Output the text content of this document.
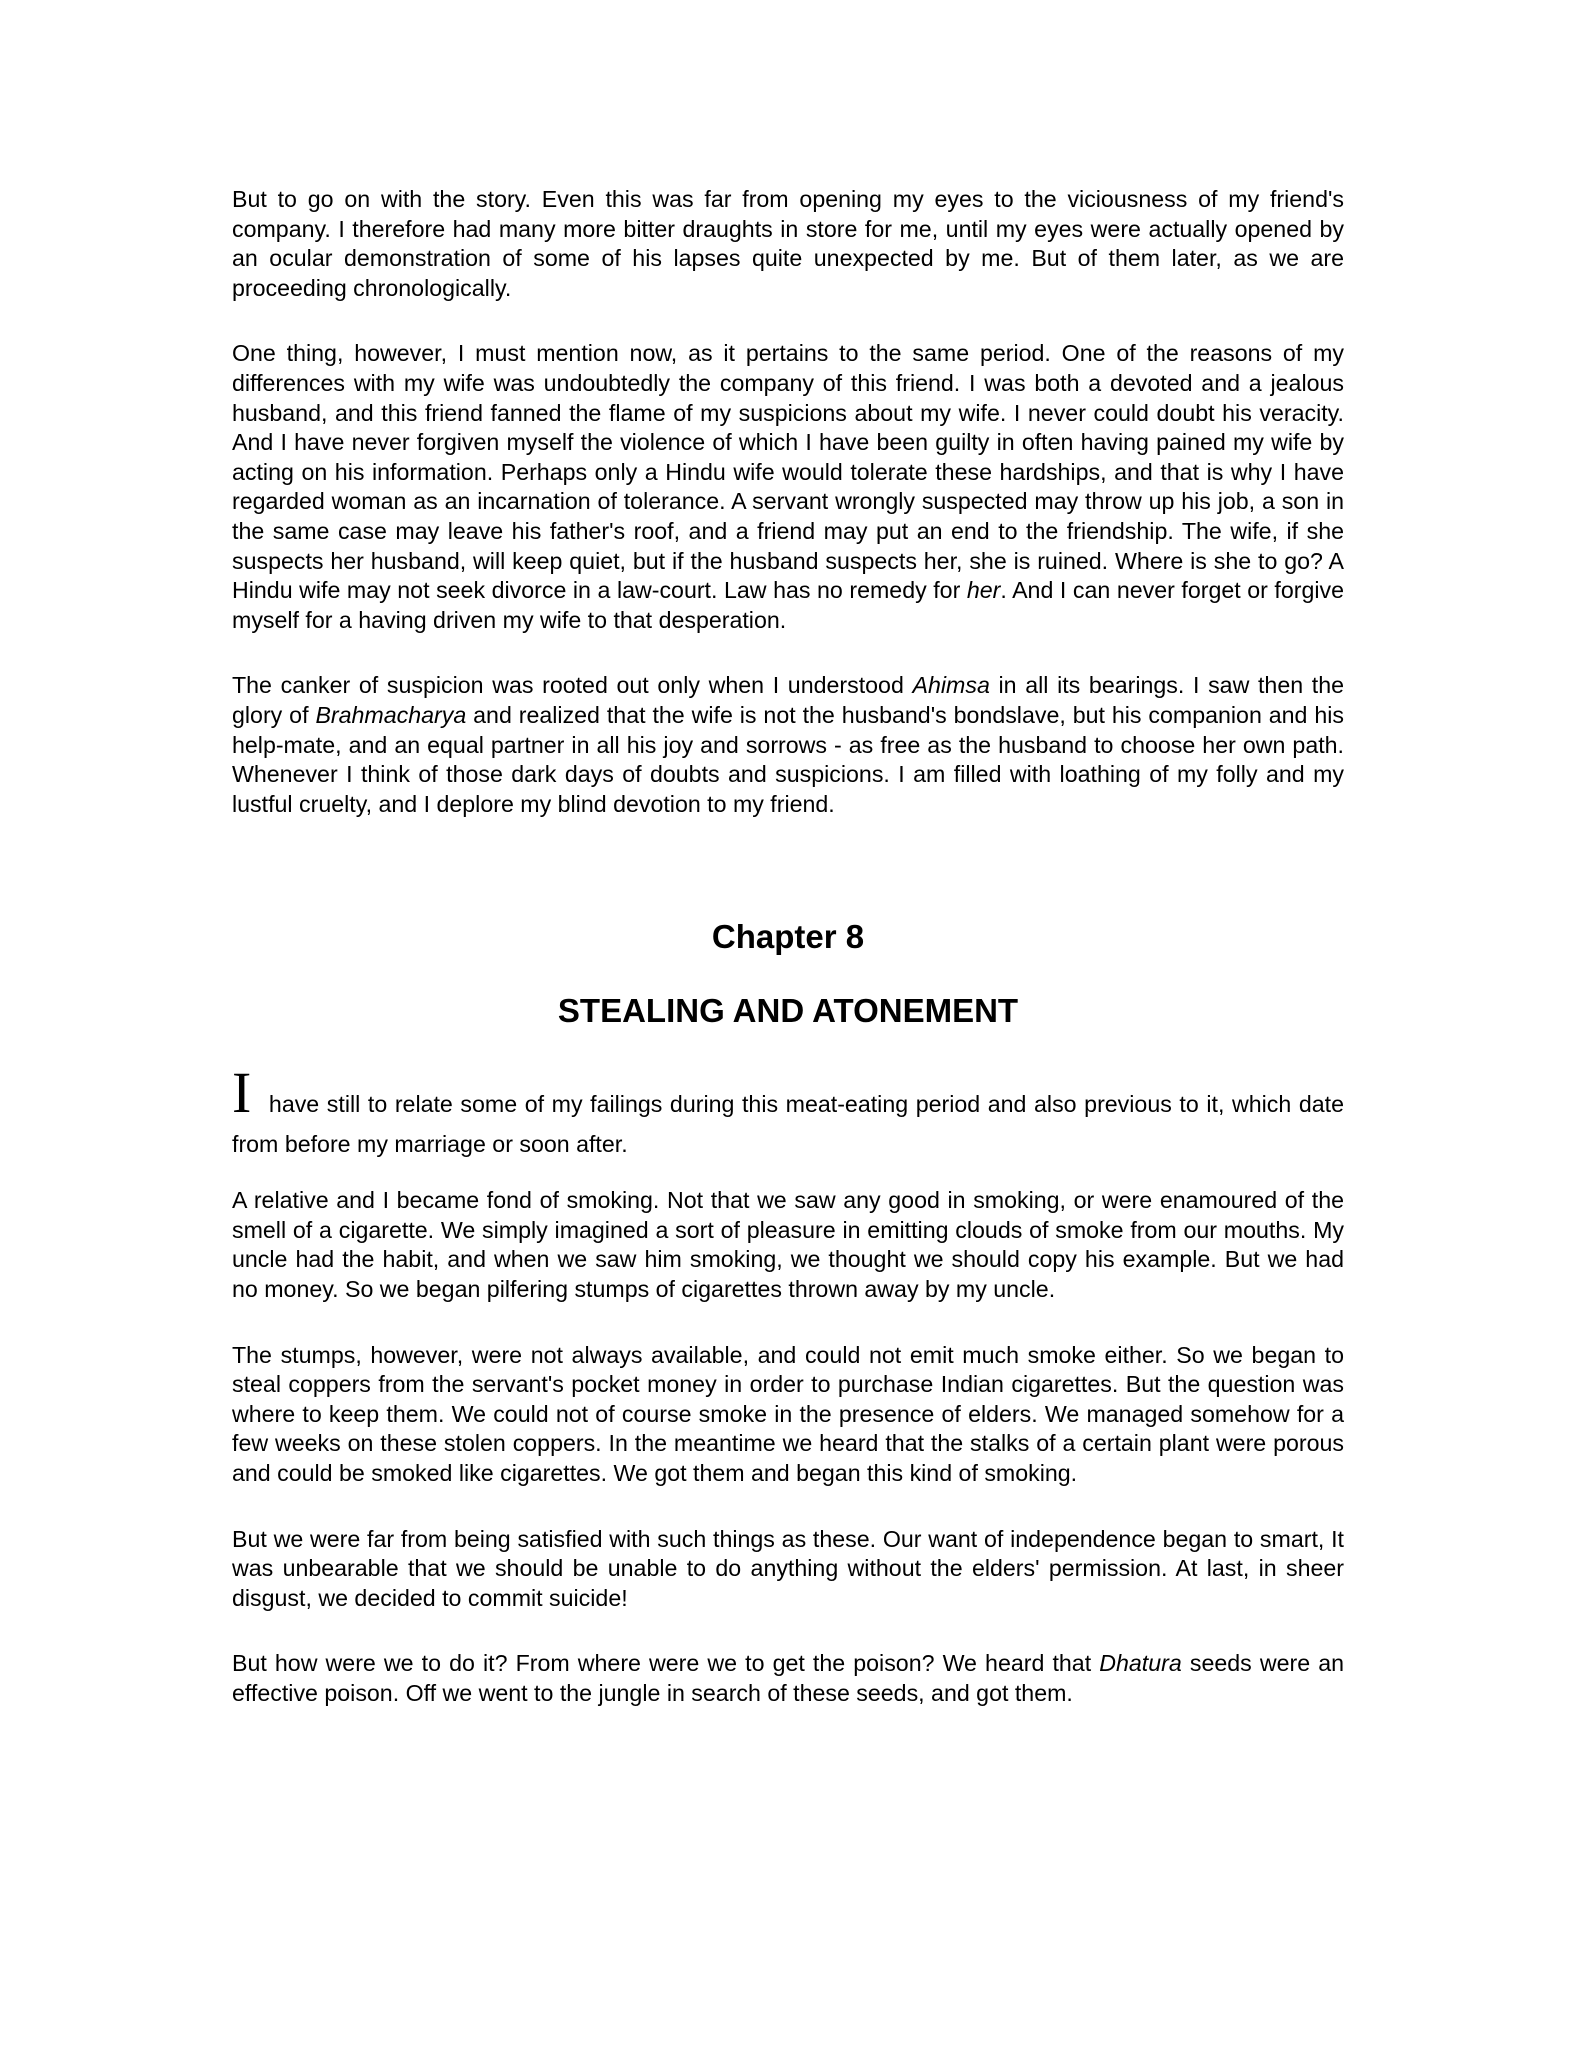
But to go on with the story. Even this was far from opening my eyes to the viciousness of my friend's company. I therefore had many more bitter draughts in store for me, until my eyes were actually opened by an ocular demonstration of some of his lapses quite unexpected by me. But of them later, as we are proceeding chronologically.

One thing, however, I must mention now, as it pertains to the same period. One of the reasons of my differences with my wife was undoubtedly the company of this friend. I was both a devoted and a jealous husband, and this friend fanned the flame of my suspicions about my wife. I never could doubt his veracity. And I have never forgiven myself the violence of which I have been guilty in often having pained my wife by acting on his information. Perhaps only a Hindu wife would tolerate these hardships, and that is why I have regarded woman as an incarnation of tolerance. A servant wrongly suspected may throw up his job, a son in the same case may leave his father's roof, and a friend may put an end to the friendship. The wife, if she suspects her husband, will keep quiet, but if the husband suspects her, she is ruined. Where is she to go? A Hindu wife may not seek divorce in a law-court. Law has no remedy for her. And I can never forget or forgive myself for a having driven my wife to that desperation.

The canker of suspicion was rooted out only when I understood Ahimsa in all its bearings. I saw then the glory of Brahmacharya and realized that the wife is not the husband's bondslave, but his companion and his help-mate, and an equal partner in all his joy and sorrows - as free as the husband to choose her own path. Whenever I think of those dark days of doubts and suspicions. I am filled with loathing of my folly and my lustful cruelty, and I deplore my blind devotion to my friend.

Chapter 8
STEALING AND ATONEMENT

I have still to relate some of my failings during this meat-eating period and also previous to it, which date from before my marriage or soon after.

A relative and I became fond of smoking. Not that we saw any good in smoking, or were enamoured of the smell of a cigarette. We simply imagined a sort of pleasure in emitting clouds of smoke from our mouths. My uncle had the habit, and when we saw him smoking, we thought we should copy his example. But we had no money. So we began pilfering stumps of cigarettes thrown away by my uncle.

The stumps, however, were not always available, and could not emit much smoke either. So we began to steal coppers from the servant's pocket money in order to purchase Indian cigarettes. But the question was where to keep them. We could not of course smoke in the presence of elders. We managed somehow for a few weeks on these stolen coppers. In the meantime we heard that the stalks of a certain plant were porous and could be smoked like cigarettes. We got them and began this kind of smoking.

But we were far from being satisfied with such things as these. Our want of independence began to smart, It was unbearable that we should be unable to do anything without the elders' permission. At last, in sheer disgust, we decided to commit suicide!

But how were we to do it? From where were we to get the poison? We heard that Dhatura seeds were an effective poison. Off we went to the jungle in search of these seeds, and got them.
